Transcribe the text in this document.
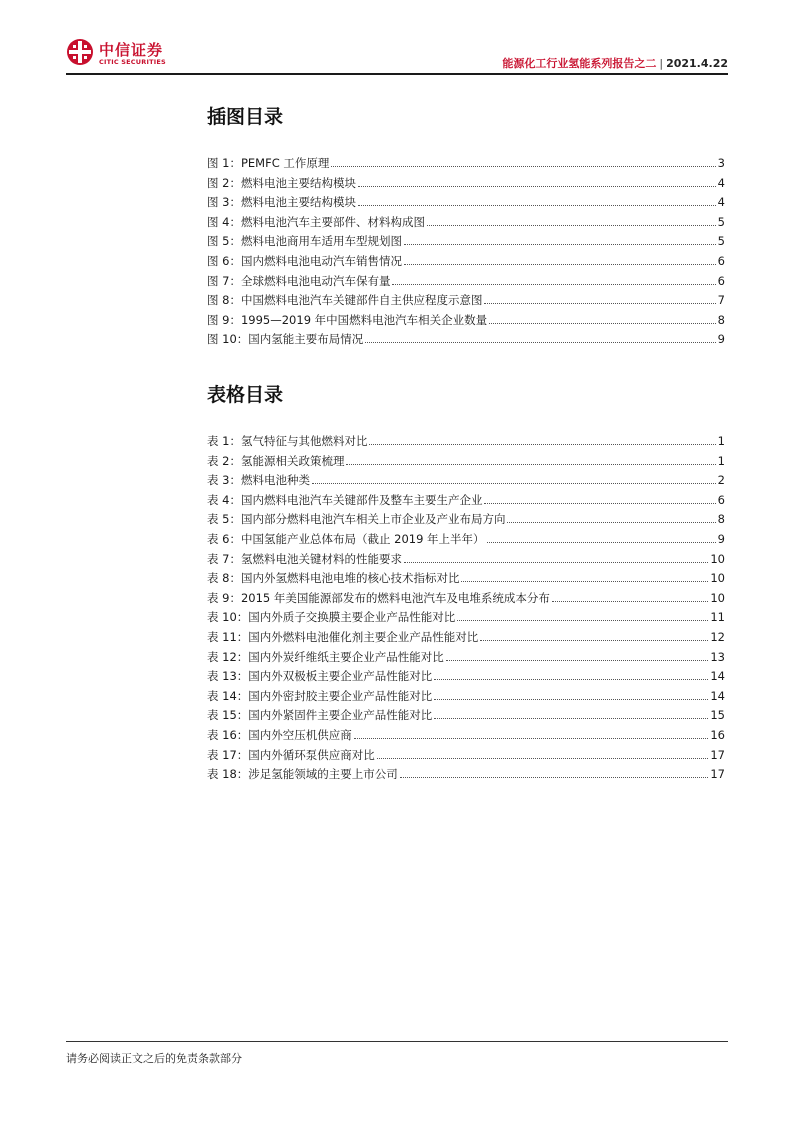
中信证券
CITIC SECURITIES	能源化工行业氢能系列报告之二 | 2021.4.22
插图目录
图 1：PEMFC 工作原理	3
图 2：燃料电池主要结构模块	4
图 3：燃料电池主要结构模块	4
图 4：燃料电池汽车主要部件、材料构成图	5
图 5：燃料电池商用车适用车型规划图	5
图 6：国内燃料电池电动汽车销售情况	6
图 7：全球燃料电池电动汽车保有量	6
图 8：中国燃料电池汽车关键部件自主供应程度示意图	7
图 9：1995—2019 年中国燃料电池汽车相关企业数量	8
图 10：国内氢能主要布局情况	9
表格目录
表 1：氢气特征与其他燃料对比	1
表 2：氢能源相关政策梳理	1
表 3：燃料电池种类	2
表 4：国内燃料电池汽车关键部件及整车主要生产企业	6
表 5：国内部分燃料电池汽车相关上市企业及产业布局方向	8
表 6：中国氢能产业总体布局（截止 2019 年上半年）	9
表 7：氢燃料电池关键材料的性能要求	10
表 8：国内外氢燃料电池电堆的核心技术指标对比	10
表 9：2015 年美国能源部发布的燃料电池汽车及电堆系统成本分布	10
表 10：国内外质子交换膜主要企业产品性能对比	11
表 11：国内外燃料电池催化剂主要企业产品性能对比	12
表 12：国内外炭纤维纸主要企业产品性能对比	13
表 13：国内外双极板主要企业产品性能对比	14
表 14：国内外密封胶主要企业产品性能对比	14
表 15：国内外紧固件主要企业产品性能对比	15
表 16：国内外空压机供应商	16
表 17：国内外循环泵供应商对比	17
表 18：涉足氢能领域的主要上市公司	17
请务必阅读正文之后的免责条款部分
